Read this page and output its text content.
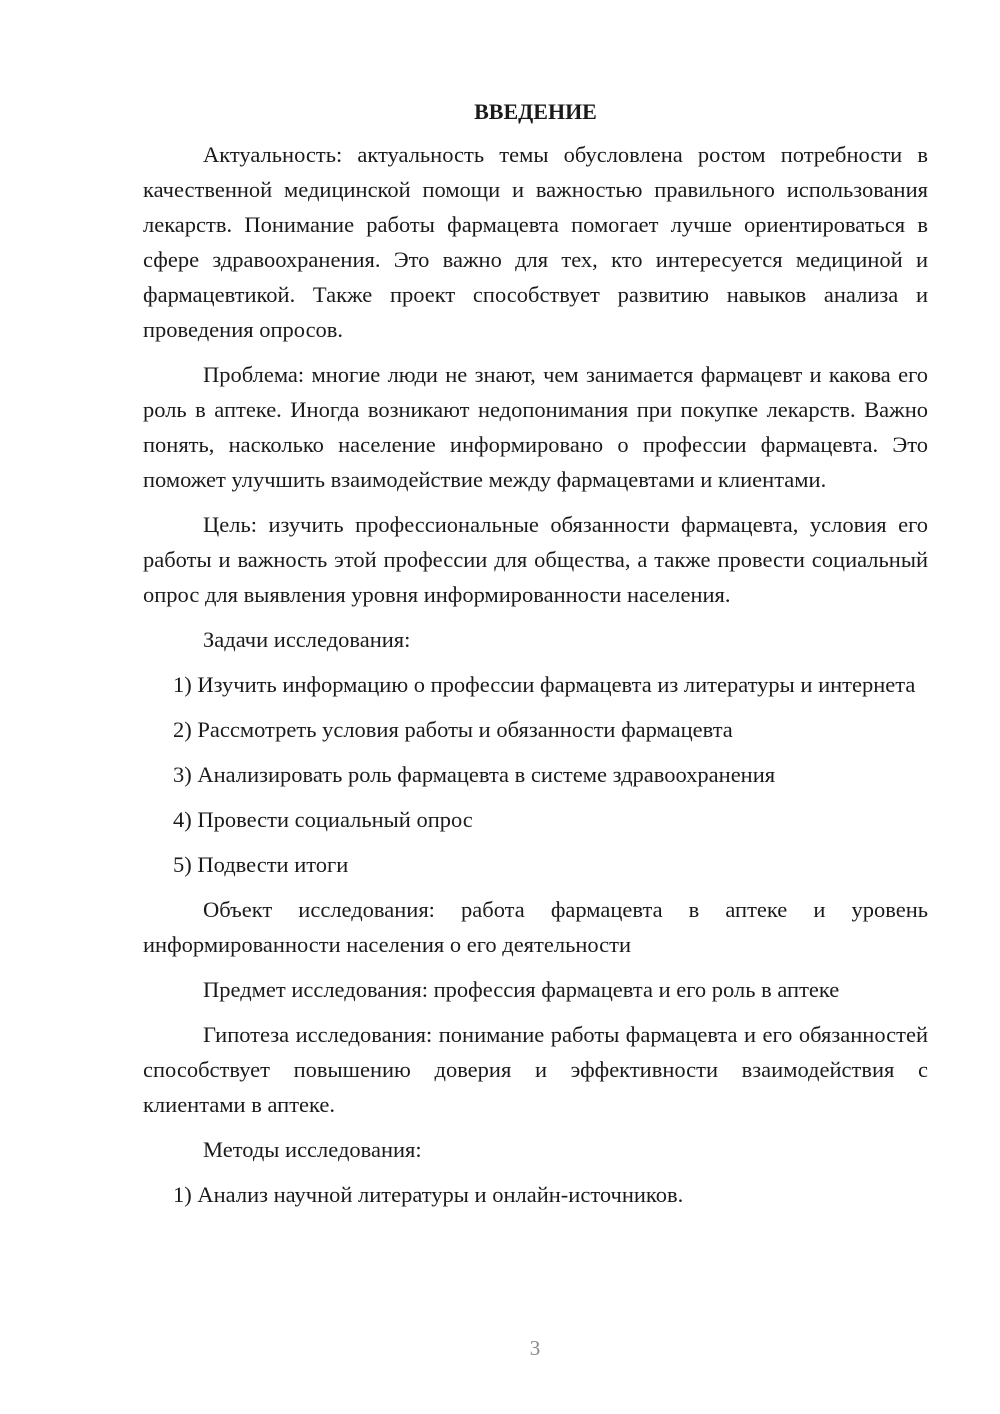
ВВЕДЕНИЕ

Актуальность: актуальность темы обусловлена ростом потребности в качественной медицинской помощи и важностью правильного использования лекарств. Понимание работы фармацевта помогает лучше ориентироваться в сфере здравоохранения. Это важно для тех, кто интересуется медициной и фармацевтикой. Также проект способствует развитию навыков анализа и проведения опросов.

Проблема: многие люди не знают, чем занимается фармацевт и какова его роль в аптеке. Иногда возникают недопонимания при покупке лекарств. Важно понять, насколько население информировано о профессии фармацевта. Это поможет улучшить взаимодействие между фармацевтами и клиентами.

Цель: изучить профессиональные обязанности фармацевта, условия его работы и важность этой профессии для общества, а также провести социальный опрос для выявления уровня информированности населения.

Задачи исследования:

1) Изучить информацию о профессии фармацевта из литературы и интернета

2) Рассмотреть условия работы и обязанности фармацевта

3) Анализировать роль фармацевта в системе здравоохранения

4) Провести социальный опрос

5) Подвести итоги

Объект исследования: работа фармацевта в аптеке и уровень информированности населения о его деятельности

Предмет исследования: профессия фармацевта и его роль в аптеке

Гипотеза исследования: понимание работы фармацевта и его обязанностей способствует повышению доверия и эффективности взаимодействия с клиентами в аптеке.

Методы исследования:

1) Анализ научной литературы и онлайн-источников.

3
